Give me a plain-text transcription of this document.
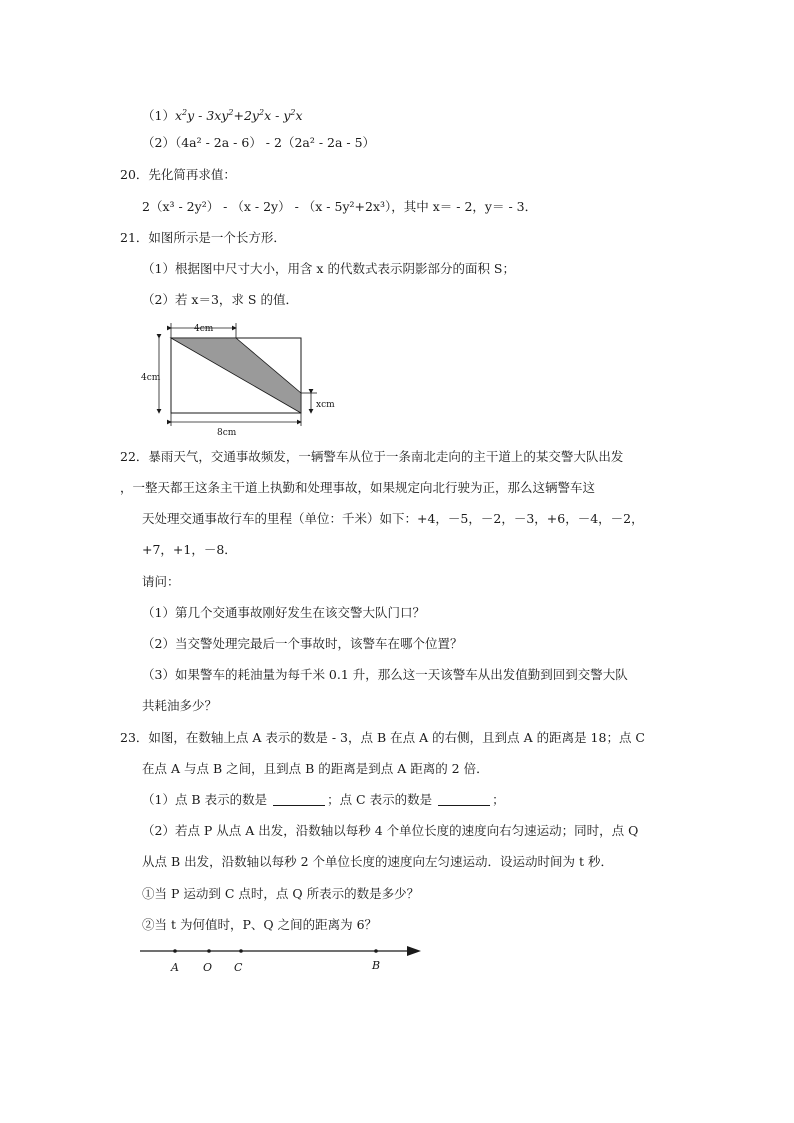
$(1)x^2y - 3xy^2+2y^2x - y^2x$
（2）（4a² - 2a - 6） - 2（2a² - 2a - 5）
20．先化简再求值：
2（x³ - 2y²） - （x - 2y） - （x - 5y²+2x³），其中 x＝ - 2，y＝ - 3．
21．如图所示是一个长方形．
（1）根据图中尺寸大小，用含 x 的代数式表示阴影部分的面积 S；
（2）若 x＝3，求 S 的值．
4cm
4cm
xcm
8cm
22．暴雨天气，交通事故频发，一辆警车从位于一条南北走向的主干道上的某交警大队出发
，一整天都王这条主干道上执勤和处理事故，如果规定向北行驶为正，那么这辆警车这
天处理交通事故行车的里程（单位：千米）如下：+4，－5，－2，－3，+6，－4，－2，
+7，+1，－8．
请问：
（1）第几个交通事故刚好发生在该交警大队门口？
（2）当交警处理完最后一个事故时，该警车在哪个位置？
（3）如果警车的耗油量为每千米 0.1 升，那么这一天该警车从出发值勤到回到交警大队
共耗油多少？
23．如图，在数轴上点 A 表示的数是 - 3，点 B 在点 A 的右侧，且到点 A 的距离是 18；点 C
在点 A 与点 B 之间，且到点 B 的距离是到点 A 距离的 2 倍．
（1）点 B 表示的数是	；点 C 表示的数是	；
（2）若点 P 从点 A 出发，沿数轴以每秒 4 个单位长度的速度向右匀速运动；同时，点 Q
从点 B 出发，沿数轴以每秒 2 个单位长度的速度向左匀速运动．设运动时间为 t 秒．
①当 P 运动到 C 点时，点 Q 所表示的数是多少？
②当 t 为何值时，P、Q 之间的距离为 6？
A O C	B
